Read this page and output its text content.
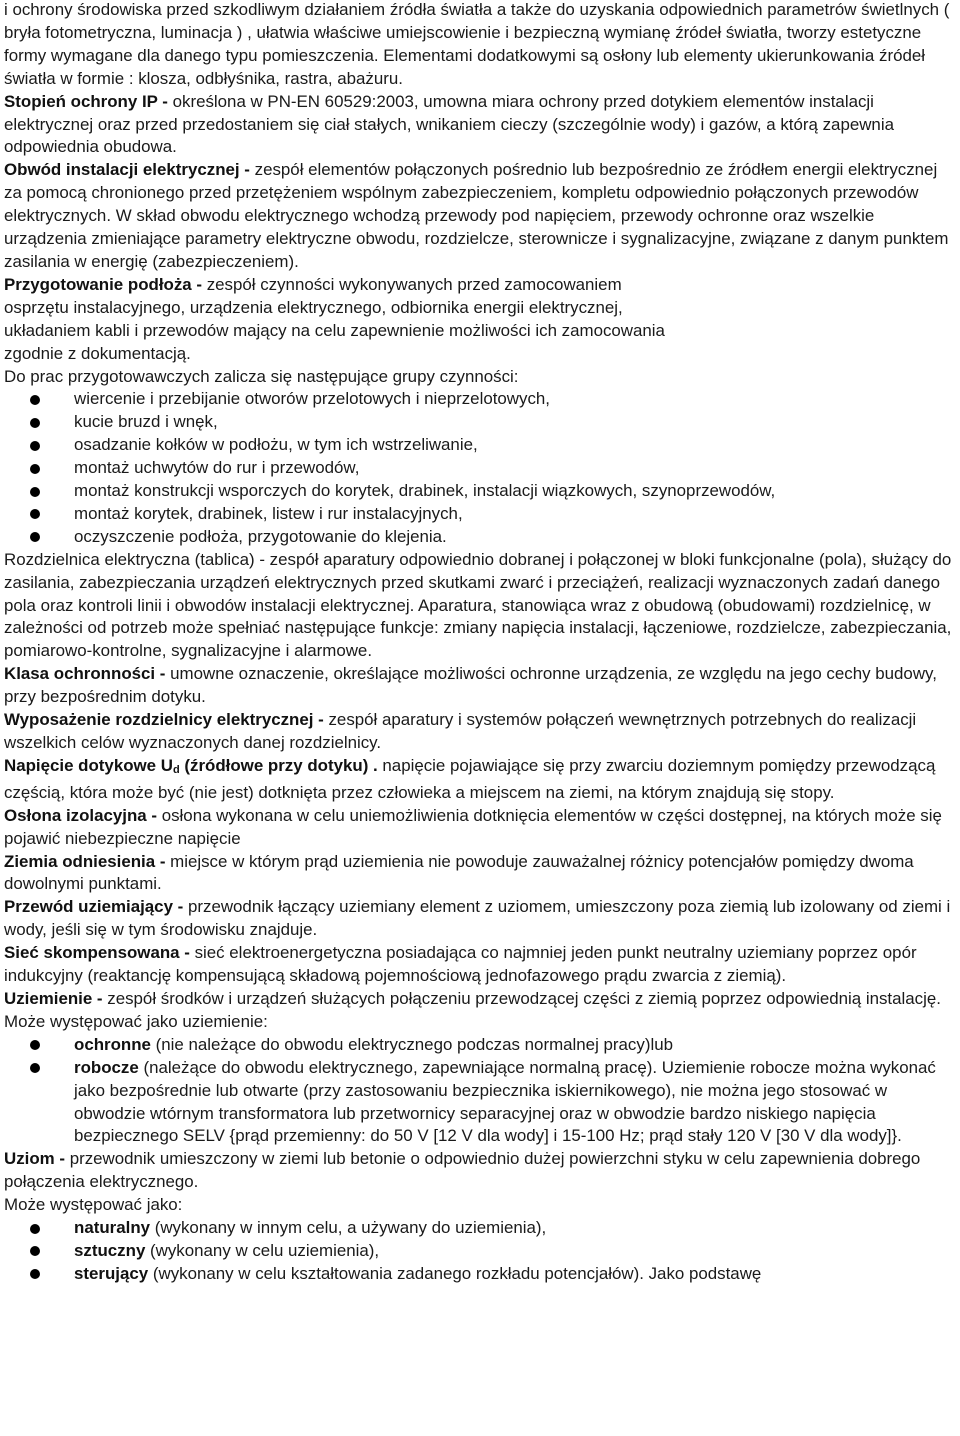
i ochrony środowiska przed szkodliwym działaniem źródła światła a także do uzyskania odpowiednich parametrów świetlnych ( bryła fotometryczna, luminacja ) , ułatwia właściwe umiejscowienie i bezpieczną wymianę źródeł światła, tworzy estetyczne formy wymagane dla danego typu pomieszczenia. Elementami dodatkowymi są osłony lub elementy ukierunkowania źródeł światła w formie : klosza, odbłyśnika, rastra, abażuru.

Stopień ochrony IP - określona w PN-EN 60529:2003, umowna miara ochrony przed dotykiem elementów instalacji elektrycznej oraz przed przedostaniem się ciał stałych, wnikaniem cieczy (szczególnie wody) i gazów, a którą zapewnia odpowiednia obudowa.

Obwód instalacji elektrycznej - zespół elementów połączonych pośrednio lub bezpośrednio ze źródłem energii elektrycznej za pomocą chronionego przed przetężeniem wspólnym zabezpieczeniem, kompletu odpowiednio połączonych przewodów elektrycznych. W skład obwodu elektrycznego wchodzą przewody pod napięciem, przewody ochronne oraz wszelkie urządzenia zmieniające parametry elektryczne obwodu, rozdzielcze, sterownicze i sygnalizacyjne, związane z danym punktem zasilania w energię (zabezpieczeniem).

Przygotowanie podłoża - zespół czynności wykonywanych przed zamocowaniem
osprzętu instalacyjnego, urządzenia elektrycznego, odbiornika energii elektrycznej,
układaniem kabli i przewodów mający na celu zapewnienie możliwości ich zamocowania
zgodnie z dokumentacją.

Do prac przygotowawczych zalicza się następujące grupy czynności:

wiercenie i przebijanie otworów przelotowych i nieprzelotowych,
kucie bruzd i wnęk,
osadzanie kołków w podłożu, w tym ich wstrzeliwanie,
montaż uchwytów do rur i przewodów,
montaż konstrukcji wsporczych do korytek, drabinek, instalacji wiązkowych, szynoprzewodów,
montaż korytek, drabinek, listew i rur instalacyjnych,
oczyszczenie podłoża, przygotowanie do klejenia.

Rozdzielnica elektryczna (tablica) - zespół aparatury odpowiednio dobranej i połączonej w bloki funkcjonalne (pola), służący do zasilania, zabezpieczania urządzeń elektrycznych przed skutkami zwarć i przeciążeń, realizacji wyznaczonych zadań danego pola oraz kontroli linii i obwodów instalacji elektrycznej. Aparatura, stanowiąca wraz z obudową (obudowami) rozdzielnicę, w zależności od potrzeb może spełniać następujące funkcje: zmiany napięcia instalacji, łączeniowe, rozdzielcze, zabezpieczania, pomiarowo-kontrolne, sygnalizacyjne i alarmowe.

Klasa ochronności - umowne oznaczenie, określające możliwości ochronne urządzenia, ze względu na jego cechy budowy, przy bezpośrednim dotyku.

Wyposażenie rozdzielnicy elektrycznej - zespół aparatury i systemów połączeń wewnętrznych potrzebnych do realizacji wszelkich celów wyznaczonych danej rozdzielnicy.

Napięcie dotykowe Ud (źródłowe przy dotyku) . napięcie pojawiające się przy zwarciu doziemnym pomiędzy przewodzącą częścią, która może być (nie jest) dotknięta przez człowieka a miejscem na ziemi, na którym znajdują się stopy.

Osłona izolacyjna - osłona wykonana w celu uniemożliwienia dotknięcia elementów w części dostępnej, na których może się pojawić niebezpieczne napięcie

Ziemia odniesienia - miejsce w którym prąd uziemienia nie powoduje zauważalnej różnicy potencjałów pomiędzy dwoma dowolnymi punktami.

Przewód uziemiający - przewodnik łączący uziemiany element z uziomem, umieszczony poza ziemią lub izolowany od ziemi i wody, jeśli się w tym środowisku znajduje.

Sieć skompensowana - sieć elektroenergetyczna posiadająca co najmniej jeden punkt neutralny uziemiany poprzez opór indukcyjny (reaktancję kompensującą składową pojemnościową jednofazowego prądu zwarcia z ziemią).

Uziemienie - zespół środków i urządzeń służących połączeniu przewodzącej części z ziemią poprzez odpowiednią instalację.

Może występować jako uziemienie:

ochronne (nie należące do obwodu elektrycznego podczas normalnej pracy)lub
robocze (należące do obwodu elektrycznego, zapewniające normalną pracę). Uziemienie robocze można wykonać jako bezpośrednie lub otwarte (przy zastosowaniu bezpiecznika iskiernikowego), nie można jego stosować w obwodzie wtórnym transformatora lub przetwornicy separacyjnej oraz w obwodzie bardzo niskiego napięcia bezpiecznego SELV {prąd przemienny: do 50 V [12 V dla wody] i 15-100 Hz; prąd stały 120 V [30 V dla wody]}.

Uziom - przewodnik umieszczony w ziemi lub betonie o odpowiednio dużej powierzchni styku w celu zapewnienia dobrego połączenia elektrycznego.

Może występować jako:

naturalny (wykonany w innym celu, a używany do uziemienia),
sztuczny (wykonany w celu uziemienia),
sterujący (wykonany w celu kształtowania zadanego rozkładu potencjałów). Jako podstawę
